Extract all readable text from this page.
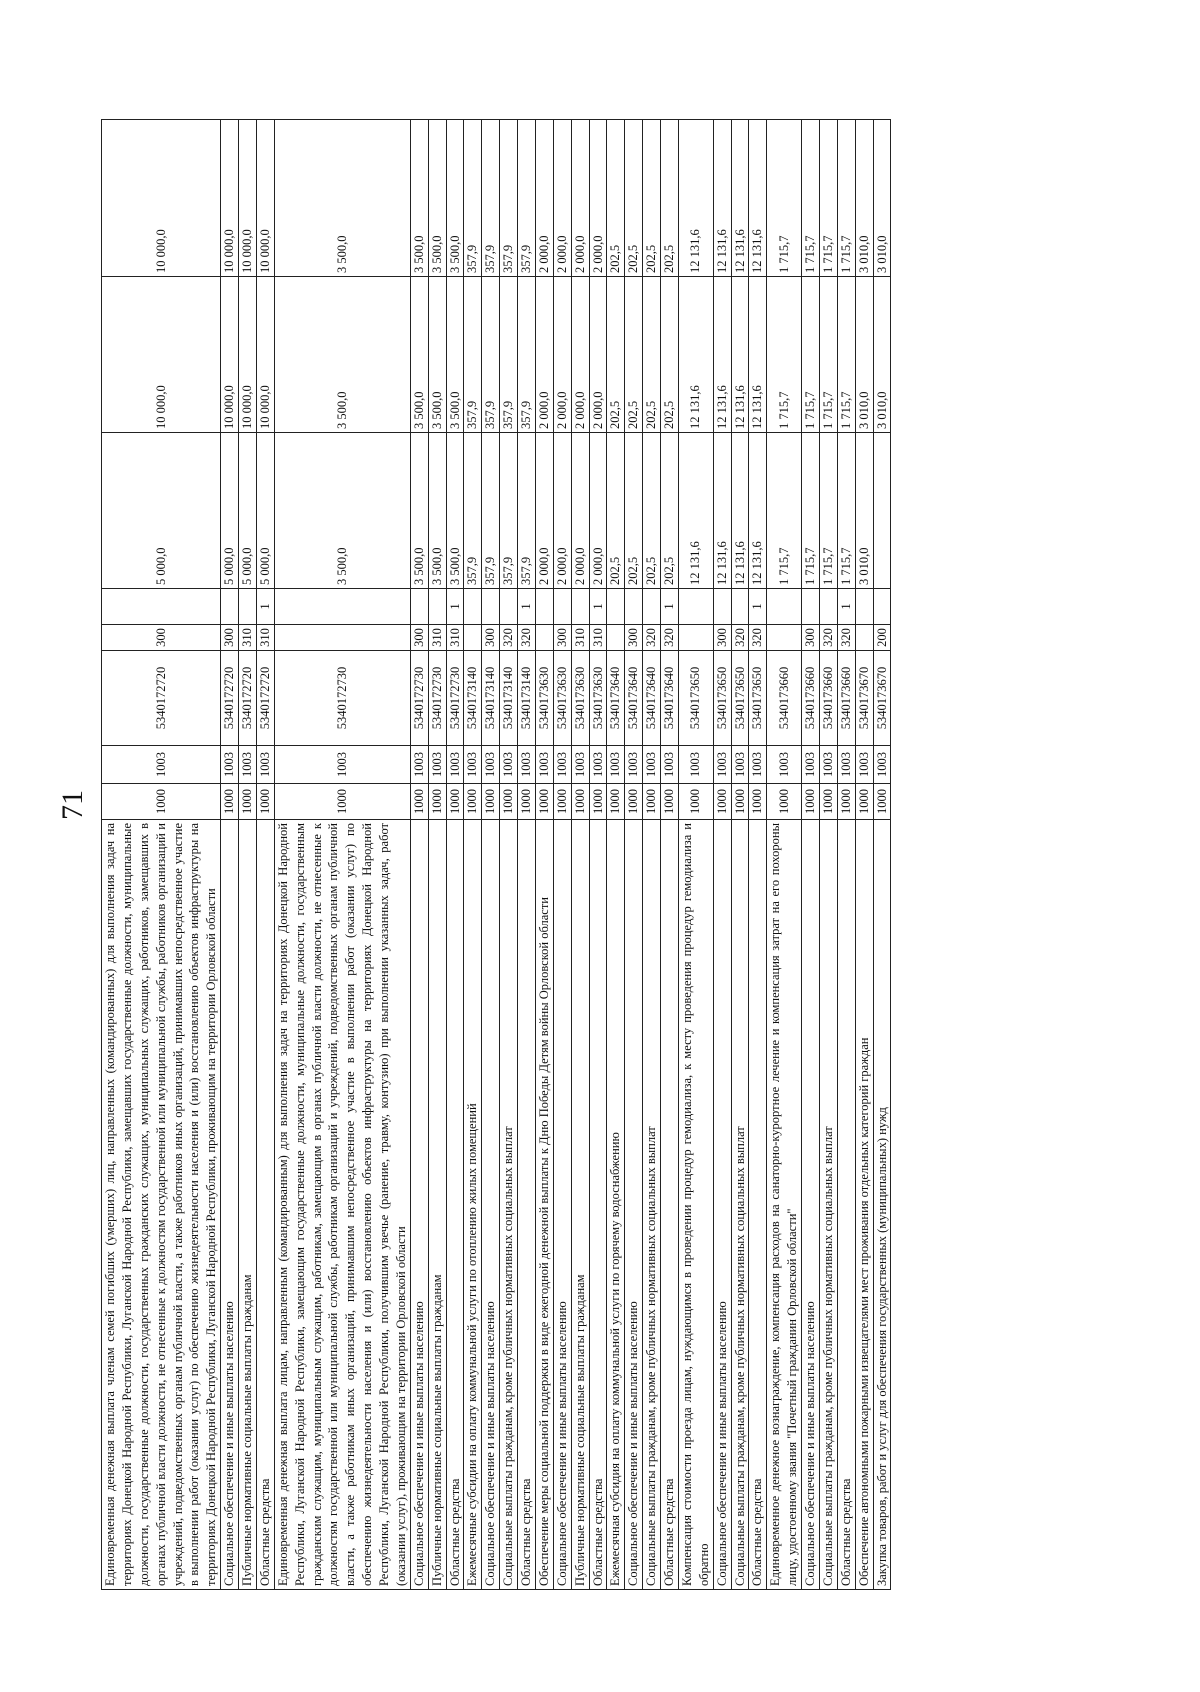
71
Единовременная денежная выплата членам семей погибших (умерших) лиц, направленных (командированных) для выполнения задач на территориях Донецкой Народной Республики, Луганской Народной Республики, замещавших государственные должности, муниципальные должности, государственные должности, государственных гражданских служащих, муниципальных служащих, работников, замещавших в органах публичной власти должности, не отнесенные к должностям государственной или муниципальной службы, работников организаций и учреждений, подведомственных органам публичной власти, а также работников иных организаций, принимавших непосредственное участие в выполнении работ (оказании услуг) по обеспечению жизнедеятельности населения и (или) восстановлению объектов инфраструктуры на территориях Донецкой Народной Республики, Луганской Народной Республики, проживающим на территории Орловской области	1000	1003	5340172720	300		5 000,0	10 000,0	10 000,0
Социальное обеспечение и иные выплаты населению	1000	1003	5340172720	300		5 000,0	10 000,0	10 000,0
Публичные нормативные социальные выплаты гражданам	1000	1003	5340172720	310		5 000,0	10 000,0	10 000,0
Областные средства	1000	1003	5340172720	310	1	5 000,0	10 000,0	10 000,0
Единовременная денежная выплата лицам, направленным (командированным) для выполнения задач на территориях Донецкой Народной Республики, Луганской Народной Республики, замещающим государственные должности, муниципальные должности, государственным гражданским служащим, муниципальным служащим, работникам, замещающим в органах публичной власти должности, не отнесенные к должностям государственной или муниципальной службы, работникам организаций и учреждений, подведомственных органам публичной власти, а также работникам иных организаций, принимавшим непосредственное участие в выполнении работ (оказании услуг) по обеспечению жизнедеятельности населения и (или) восстановлению объектов инфраструктуры на территориях Донецкой Народной Республики, Луганской Народной Республики, получившим увечье (ранение, травму, контузию) при выполнении указанных задач, работ (оказании услуг), проживающим на территории Орловской области	1000	1003	5340172730			3 500,0	3 500,0	3 500,0
Социальное обеспечение и иные выплаты населению	1000	1003	5340172730	300		3 500,0	3 500,0	3 500,0
Публичные нормативные социальные выплаты гражданам	1000	1003	5340172730	310		3 500,0	3 500,0	3 500,0
Областные средства	1000	1003	5340172730	310	1	3 500,0	3 500,0	3 500,0
Ежемесячные субсидии на оплату коммунальной услуги по отоплению жилых помещений	1000	1003	5340173140			357,9	357,9	357,9
Социальное обеспечение и иные выплаты населению	1000	1003	5340173140	300		357,9	357,9	357,9
Социальные выплаты гражданам, кроме публичных нормативных социальных выплат	1000	1003	5340173140	320		357,9	357,9	357,9
Областные средства	1000	1003	5340173140	320	1	357,9	357,9	357,9
Обеспечение меры социальной поддержки в виде ежегодной денежной выплаты к Дню Победы Детям войны Орловской области	1000	1003	5340173630			2 000,0	2 000,0	2 000,0
Социальное обеспечение и иные выплаты населению	1000	1003	5340173630	300		2 000,0	2 000,0	2 000,0
Публичные нормативные социальные выплаты гражданам	1000	1003	5340173630	310		2 000,0	2 000,0	2 000,0
Областные средства	1000	1003	5340173630	310	1	2 000,0	2 000,0	2 000,0
Ежемесячная субсидия на оплату коммунальной услуги по горячему водоснабжению	1000	1003	5340173640			202,5	202,5	202,5
Социальное обеспечение и иные выплаты населению	1000	1003	5340173640	300		202,5	202,5	202,5
Социальные выплаты гражданам, кроме публичных нормативных социальных выплат	1000	1003	5340173640	320		202,5	202,5	202,5
Областные средства	1000	1003	5340173640	320	1	202,5	202,5	202,5
Компенсация стоимости проезда лицам, нуждающимся в проведении процедур гемодиализа, к месту проведения процедур гемодиализа и обратно	1000	1003	5340173650			12 131,6	12 131,6	12 131,6
Социальное обеспечение и иные выплаты населению	1000	1003	5340173650	300		12 131,6	12 131,6	12 131,6
Социальные выплаты гражданам, кроме публичных нормативных социальных выплат	1000	1003	5340173650	320		12 131,6	12 131,6	12 131,6
Областные средства	1000	1003	5340173650	320	1	12 131,6	12 131,6	12 131,6
Единовременное денежное вознаграждение, компенсация расходов на санаторно-курортное лечение и компенсация затрат на его похороны лицу, удостоенному звания "Почетный гражданин Орловской области"	1000	1003	5340173660			1 715,7	1 715,7	1 715,7
Социальное обеспечение и иные выплаты населению	1000	1003	5340173660	300		1 715,7	1 715,7	1 715,7
Социальные выплаты гражданам, кроме публичных нормативных социальных выплат	1000	1003	5340173660	320		1 715,7	1 715,7	1 715,7
Областные средства	1000	1003	5340173660	320	1	1 715,7	1 715,7	1 715,7
Обеспечение автономными пожарными извещателями мест проживания отдельных категорий граждан	1000	1003	5340173670			3 010,0	3 010,0	3 010,0
Закупка товаров, работ и услуг для обеспечения государственных (муниципальных) нужд	1000	1003	5340173670	200			3 010,0	3 010,0
